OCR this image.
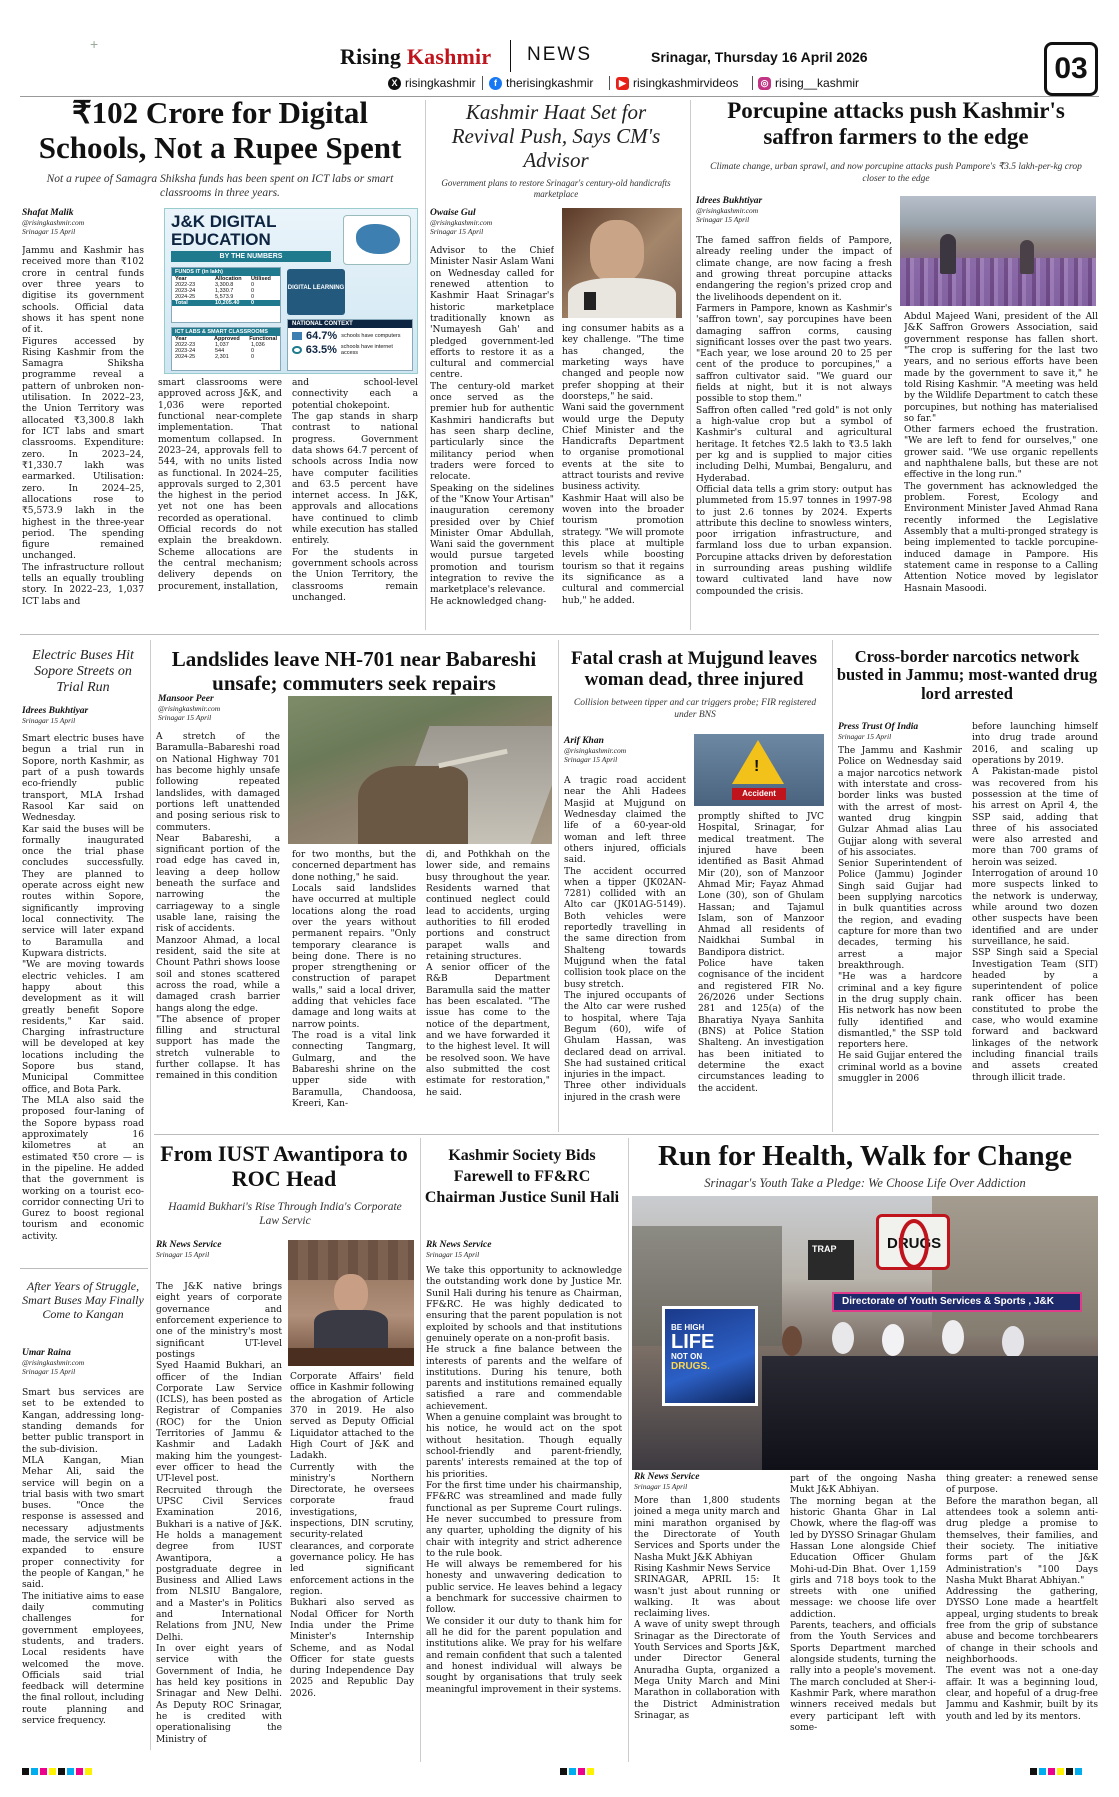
+	Rising Kashmir NEWS	Srinagar, Thursday 16 April 2026	03
X risingkashmir	f therisingkashmir	▶ risingkashmirvideos ◎ rising__kashmir
₹102 Crore for Digital Schools, Not a Rupee Spent
Not a rupee of Samagra Shiksha funds has been spent on ICT labs or smart classrooms in three years.
Shafat Malik
@risingkashmir.com
Srinagar 15 April
J&K DIGITAL
EDUCATION
BY THE NUMBERS
FUNDS IT (in lakh)
Year	Allocation	Utilised
2022-23	3,300.8	0
2023-24	1,330.7	0
2024-25	5,573.9	0
Total	10,205.40	0
DIGITAL LEARNING
ICT LABS & SMART CLASSROOMS
Year	Approved	Functional
2022-23	1,037	1,036
2023-24	544	0
2024-25	2,301	0
NATIONAL CONTEXT
64.7% schools have computers
63.5% schools have internet access
Jammu and Kashmir has received more than ₹102 crore in central funds over three years to digitise its government schools. Official data shows it has spent none of it.
Figures accessed by Rising Kashmir from the Samagra Shiksha programme reveal a pattern of unbroken non-utilisation. In 2022–23, the Union Territory was allocated ₹3,300.8 lakh for ICT labs and smart classrooms. Expenditure: zero. In 2023–24, ₹1,330.7 lakh was earmarked. Utilisation: zero. In 2024–25, allocations rose to ₹5,573.9 lakh in the highest in the three-year period. The spending figure remained unchanged.
The infrastructure rollout tells an equally troubling story. In 2022–23, 1,037 ICT labs and
smart classrooms were approved across J&K, and 1,036 were reported functional near-complete implementation. That momentum collapsed. In 2023–24, approvals fell to 544, with no units listed as functional. In 2024–25, approvals surged to 2,301 the highest in the period yet not one has been recorded as operational.
Official records do not explain the breakdown. Scheme allocations are the central mechanism; delivery depends on procurement, installation,
and school-level connectivity each a potential chokepoint.
The gap stands in sharp contrast to national progress. Government data shows 64.7 percent of schools across India now have computer facilities and 63.5 percent have internet access. In J&K, approvals and allocations have continued to climb while execution has stalled entirely.
For the students in government schools across the Union Territory, the classrooms remain unchanged.
Kashmir Haat Set for Revival Push, Says CM's Advisor
Government plans to restore Srinagar's century-old handicrafts marketplace
Owaise Gul
@risingkashmir.com
Srinagar 15 April
Advisor to the Chief Minister Nasir Aslam Wani on Wednesday called for renewed attention to Kashmir Haat Srinagar's historic marketplace traditionally known as 'Numayesh Gah' and pledged government-led efforts to restore it as a cultural and commercial centre.
The century-old market once served as the premier hub for authentic Kashmiri handicrafts but has seen sharp decline, particularly since the militancy period when traders were forced to relocate.
Speaking on the sidelines of the "Know Your Artisan" inauguration ceremony presided over by Chief Minister Omar Abdullah, Wani said the government would pursue targeted promotion and tourism integration to revive the marketplace's relevance.
He acknowledged chang-
ing consumer habits as a key challenge. "The time has changed, the marketing ways have changed and people now prefer shopping at their doorsteps," he said.
Wani said the government would urge the Deputy Chief Minister and the Handicrafts Department to organise promotional events at the site to attract tourists and revive business activity.
Kashmir Haat will also be woven into the broader tourism promotion strategy. "We will promote this place at multiple levels while boosting tourism so that it regains its significance as a cultural and commercial hub," he added.
Porcupine attacks push Kashmir's saffron farmers to the edge
Climate change, urban sprawl, and now porcupine attacks push Pampore's ₹3.5 lakh-per-kg crop closer to the edge
Idrees Bukhtiyar
@risingkashmir.com
Srinagar 15 April
The famed saffron fields of Pampore, already reeling under the impact of climate change, are now facing a fresh and growing threat porcupine attacks endangering the region's prized crop and the livelihoods dependent on it.
Farmers in Pampore, known as Kashmir's 'saffron town', say porcupines have been damaging saffron corms, causing significant losses over the past two years. "Each year, we lose around 20 to 25 per cent of the produce to porcupines," a saffron cultivator said. "We guard our fields at night, but it is not always possible to stop them."
Saffron often called "red gold" is not only a high-value crop but a symbol of Kashmir's cultural and agricultural heritage. It fetches ₹2.5 lakh to ₹3.5 lakh per kg and is supplied to major cities including Delhi, Mumbai, Bengaluru, and Hyderabad.
Official data tells a grim story: output has plummeted from 15.97 tonnes in 1997-98 to just 2.6 tonnes by 2024. Experts attribute this decline to snowless winters, poor irrigation infrastructure, and farmland loss due to urban expansion. Porcupine attacks driven by deforestation in surrounding areas pushing wildlife toward cultivated land have now compounded the crisis.
Abdul Majeed Wani, president of the All J&K Saffron Growers Association, said government response has fallen short. "The crop is suffering for the last two years, and no serious efforts have been made by the government to save it," he told Rising Kashmir. "A meeting was held by the Wildlife Department to catch these porcupines, but nothing has materialised so far."
Other farmers echoed the frustration. "We are left to fend for ourselves," one grower said. "We use organic repellents and naphthalene balls, but these are not effective in the long run."
The government has acknowledged the problem. Forest, Ecology and Environment Minister Javed Ahmad Rana recently informed the Legislative Assembly that a multi-pronged strategy is being implemented to tackle porcupine-induced damage in Pampore. His statement came in response to a Calling Attention Notice moved by legislator Hasnain Masoodi.
Electric Buses Hit Sopore Streets on Trial Run
Idrees Bukhtiyar
Srinagar 15 April
Smart electric buses have begun a trial run in Sopore, north Kashmir, as part of a push towards eco-friendly public transport, MLA Irshad Rasool Kar said on Wednesday.
Kar said the buses will be formally inaugurated once the trial phase concludes successfully. They are planned to operate across eight new routes within Sopore, significantly improving local connectivity. The service will later expand to Baramulla and Kupwara districts.
"We are moving towards electric vehicles. I am happy about this development as it will greatly benefit Sopore residents," Kar said. Charging infrastructure will be developed at key locations including the Sopore bus stand, Municipal Committee office, and Bota Park.
The MLA also said the proposed four-laning of the Sopore bypass road approximately 16 kilometres at an estimated ₹50 crore — is in the pipeline. He added that the government is working on a tourist eco-corridor connecting Uri to Gurez to boost regional tourism and economic activity.
Landslides leave NH-701 near Babareshi unsafe; commuters seek repairs
Mansoor Peer
@risingkashmir.com
Srinagar 15 April
A stretch of the Baramulla–Babareshi road on National Highway 701 has become highly unsafe following repeated landslides, with damaged portions left unattended and posing serious risk to commuters.
Near Babareshi, a significant portion of the road edge has caved in, leaving a deep hollow beneath the surface and narrowing the carriageway to a single usable lane, raising the risk of accidents.
Manzoor Ahmad, a local resident, said the site at Chount Pathri shows loose soil and stones scattered across the road, while a damaged crash barrier hangs along the edge.
"The absence of proper filling and structural support has made the stretch vulnerable to further collapse. It has remained in this condition
for two months, but the concerned department has done nothing," he said.
Locals said landslides have occurred at multiple locations along the road over the years without permanent repairs. "Only temporary clearance is being done. There is no proper strengthening or construction of parapet walls," said a local driver, adding that vehicles face damage and long waits at narrow points.
The road is a vital link connecting Tangmarg, Gulmarg, and the Babareshi shrine on the upper side with Baramulla, Chandoosa, Kreeri, Kan-
di, and Pothkhah on the lower side, and remains busy throughout the year. Residents warned that continued neglect could lead to accidents, urging authorities to fill eroded portions and construct parapet walls and retaining structures.
A senior officer of the R&B Department Baramulla said the matter has been escalated. "The issue has come to the notice of the department, and we have forwarded it to the highest level. It will be resolved soon. We have also submitted the cost estimate for restoration," he said.
Fatal crash at Mujgund leaves woman dead, three injured
Collision between tipper and car triggers probe; FIR registered under BNS
Arif Khan
@risingkashmir.com
Srinagar 15 April	!
Accident
A tragic road accident near the Ahli Hadees Masjid at Mujgund on Wednesday claimed the life of a 60-year-old woman and left three others injured, officials said.
The accident occurred when a tipper (JK02AN-7281) collided with an Alto car (JK01AG-5149). Both vehicles were reportedly travelling in the same direction from Shalteng towards Mujgund when the fatal collision took place on the busy stretch.
The injured occupants of the Alto car were rushed to hospital, where Taja Begum (60), wife of Ghulam Hassan, was declared dead on arrival. She had sustained critical injuries in the impact.
Three other individuals injured in the crash were
promptly shifted to JVC Hospital, Srinagar, for medical treatment. The injured have been identified as Basit Ahmad Mir (20), son of Manzoor Ahmad Mir; Fayaz Ahmad Lone (30), son of Ghulam Hassan; and Tajamul Islam, son of Manzoor Ahmad all residents of Naidkhai Sumbal in Bandipora district.
Police have taken cognisance of the incident and registered FIR No. 26/2026 under Sections 281 and 125(a) of the Bharatiya Nyaya Sanhita (BNS) at Police Station Shalteng. An investigation has been initiated to determine the exact circumstances leading to the accident.
Cross-border narcotics network busted in Jammu; most-wanted drug lord arrested
Press Trust Of India
Srinagar 15 April
The Jammu and Kashmir Police on Wednesday said a major narcotics network with interstate and cross-border links was busted with the arrest of most-wanted drug kingpin Gulzar Ahmad alias Lau Gujjar along with several of his associates.
Senior Superintendent of Police (Jammu) Joginder Singh said Gujjar had been supplying narcotics in bulk quantities across the region, and evading capture for more than two decades, terming his arrest a major breakthrough.
"He was a hardcore criminal and a key figure in the drug supply chain. His network has now been fully identified and dismantled," the SSP told reporters here.
He said Gujjar entered the criminal world as a bovine smuggler in 2006
before launching himself into drug trade around 2016, and scaling up operations by 2019.
A Pakistan-made pistol was recovered from his possession at the time of his arrest on April 4, the SSP said, adding that three of his associated were also arrested and more than 700 grams of heroin was seized.
Interrogation of around 10 more suspects linked to the network is underway, while around two dozen other suspects have been identified and are under surveillance, he said.
SSP Singh said a Special Investigation Team (SIT) headed by a superintendent of police rank officer has been constituted to probe the case, who would examine forward and backward linkages of the network including financial trails and assets created through illicit trade.
After Years of Struggle, Smart Buses May Finally Come to Kangan
Umar Raina
@risingkashmir.com
Srinagar 15 April
Smart bus services are set to be extended to Kangan, addressing long-standing demands for better public transport in the sub-division.
MLA Kangan, Mian Mehar Ali, said the service will begin on a trial basis with two smart buses. "Once the response is assessed and necessary adjustments made, the service will be expanded to ensure proper connectivity for the people of Kangan," he said.
The initiative aims to ease daily commuting challenges for government employees, students, and traders. Local residents have welcomed the move. Officials said trial feedback will determine the final rollout, including route planning and service frequency.
From IUST Awantipora to ROC Head
Haamid Bukhari's Rise Through India's Corporate Law Servic
Rk News Service
Srinagar 15 April
The J&K native brings eight years of corporate governance and enforcement experience to one of the ministry's most significant UT-level postings
Syed Haamid Bukhari, an officer of the Indian Corporate Law Service (ICLS), has been posted as Registrar of Companies (ROC) for the Union Territories of Jammu & Kashmir and Ladakh making him the youngest-ever officer to head the UT-level post.
Recruited through the UPSC Civil Services Examination 2016, Bukhari is a native of J&K. He holds a management degree from IUST Awantipora, a postgraduate degree in Business and Allied Laws from NLSIU Bangalore, and a Master's in Politics and International Relations from JNU, New Delhi.
In over eight years of service with the Government of India, he has held key positions in Srinagar and New Delhi. As Deputy ROC Srinagar, he is credited with operationalising the Ministry of
Corporate Affairs' field office in Kashmir following the abrogation of Article 370 in 2019. He also served as Deputy Official Liquidator attached to the High Court of J&K and Ladakh.
Currently with the ministry's Northern Directorate, he oversees corporate fraud investigations, inspections, DIN scrutiny, security-related clearances, and corporate governance policy. He has led significant enforcement actions in the region.
Bukhari also served as Nodal Officer for North India under the Prime Minister's Internship Scheme, and as Nodal Officer for state guests during Independence Day 2025 and Republic Day 2026.
Kashmir Society Bids Farewell to FF&RC Chairman Justice Sunil Hali
Rk News Service
Srinagar 15 April
We take this opportunity to acknowledge the outstanding work done by Justice Mr. Sunil Hali during his tenure as Chairman, FF&RC. He was highly dedicated to ensuring that the parent population is not exploited by schools and that institutions genuinely operate on a non-profit basis.
He struck a fine balance between the interests of parents and the welfare of institutions. During his tenure, both parents and institutions remained equally satisfied a rare and commendable achievement.
When a genuine complaint was brought to his notice, he would act on the spot without hesitation. Though equally school-friendly and parent-friendly, parents' interests remained at the top of his priorities.
For the first time under his chairmanship, FF&RC was streamlined and made fully functional as per Supreme Court rulings. He never succumbed to pressure from any quarter, upholding the dignity of his chair with integrity and strict adherence to the rule book.
He will always be remembered for his honesty and unwavering dedication to public service. He leaves behind a legacy a benchmark for successive chairmen to follow.
We consider it our duty to thank him for all he did for the parent population and institutions alike. We pray for his welfare and remain confident that such a talented and honest individual will always be sought by organisations that truly seek meaningful improvement in their systems.
Run for Health, Walk for Change
Srinagar's Youth Take a Pledge: We Choose Life Over Addiction
DRUGS
TRAP
BE HIGH
LIFE
NOT ON
DRUGS.
Directorate of Youth Services & Sports , J&K
Rk News Service
Srinagar 15 April
More than 1,800 students joined a mega unity march and mini marathon organised by the Directorate of Youth Services and Sports under the Nasha Mukt J&K Abhiyan
Rising Kashmir News Service
SRINAGAR, APRIL 15: It wasn't just about running or walking. It was about reclaiming lives.
A wave of unity swept through Srinagar as the Directorate of Youth Services and Sports J&K, under Director General Anuradha Gupta, organized a Mega Unity March and Mini Marathon in collaboration with the District Administration Srinagar, as
part of the ongoing Nasha Mukt J&K Abhiyan.
The morning began at the historic Ghanta Ghar in Lal Chowk, where the flag-off was led by DYSSO Srinagar Ghulam Hassan Lone alongside Chief Education Officer Ghulam Mohi-ud-Din Bhat. Over 1,159 girls and 718 boys took to the streets with one unified message: we choose life over addiction.
Parents, teachers, and officials from the Youth Services and Sports Department marched alongside students, turning the rally into a people's movement. The march concluded at Sher-i-Kashmir Park, where marathon winners received medals but every participant left with some-
thing greater: a renewed sense of purpose.
Before the marathon began, all attendees took a solemn anti-drug pledge a promise to themselves, their families, and their society. The initiative forms part of the J&K Administration's "100 Days Nasha Mukt Bharat Abhiyan."
Addressing the gathering, DYSSO Lone made a heartfelt appeal, urging students to break free from the grip of substance abuse and become torchbearers of change in their schools and neighborhoods.
The event was not a one-day affair. It was a beginning loud, clear, and hopeful of a drug-free Jammu and Kashmir, built by its youth and led by its mentors.
